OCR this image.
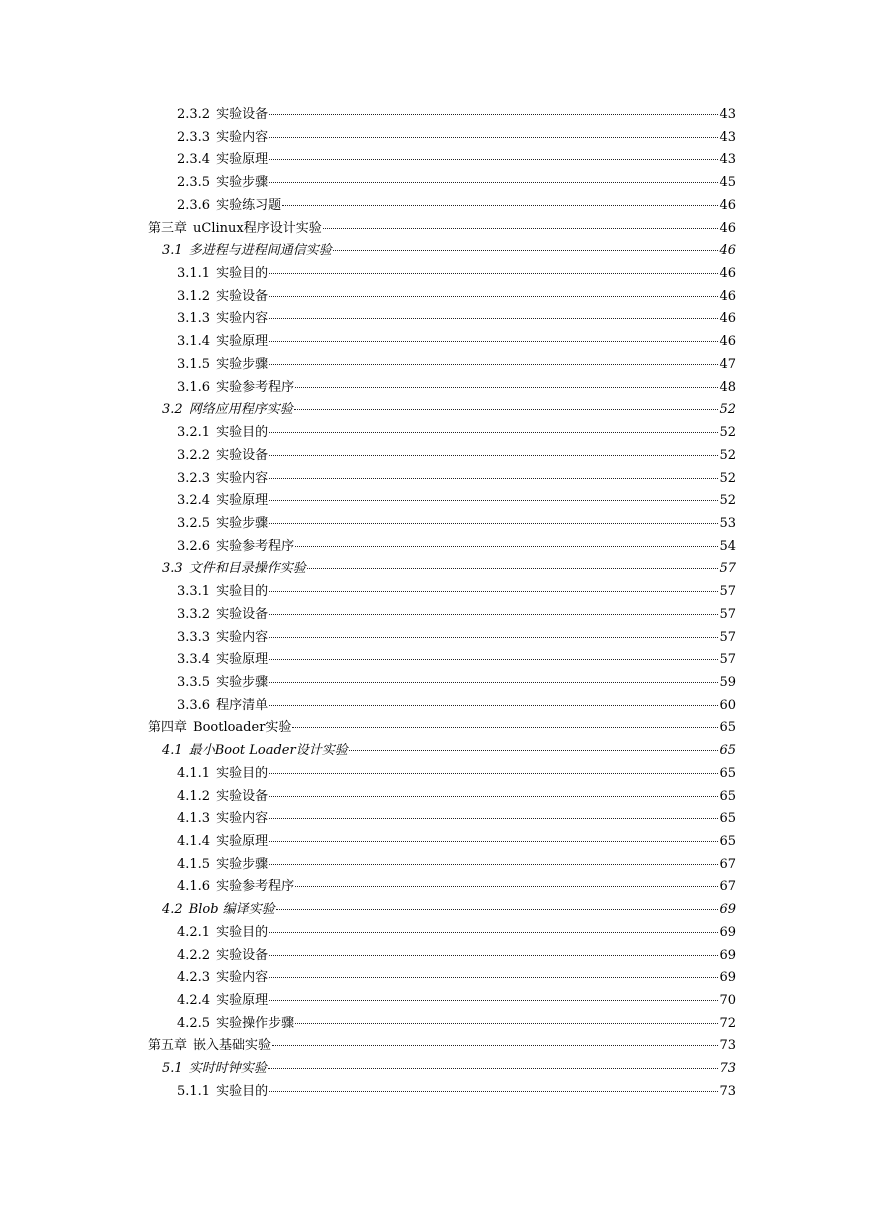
2.3.2 实验设备	43
2.3.3 实验内容	43
2.3.4 实验原理	43
2.3.5 实验步骤	45
2.3.6 实验练习题	46
第三章 uClinux程序设计实验	46
3.1 多进程与进程间通信实验	46
3.1.1 实验目的	46
3.1.2 实验设备	46
3.1.3 实验内容	46
3.1.4 实验原理	46
3.1.5 实验步骤	47
3.1.6 实验参考程序	48
3.2 网络应用程序实验	52
3.2.1 实验目的	52
3.2.2 实验设备	52
3.2.3 实验内容	52
3.2.4 实验原理	52
3.2.5 实验步骤	53
3.2.6 实验参考程序	54
3.3 文件和目录操作实验	57
3.3.1 实验目的	57
3.3.2 实验设备	57
3.3.3 实验内容	57
3.3.4 实验原理	57
3.3.5 实验步骤	59
3.3.6 程序清单	60
第四章 Bootloader实验	65
4.1 最小Boot Loader设计实验	65
4.1.1 实验目的	65
4.1.2 实验设备	65
4.1.3 实验内容	65
4.1.4 实验原理	65
4.1.5 实验步骤	67
4.1.6 实验参考程序	67
4.2 Blob 编译实验	69
4.2.1 实验目的	69
4.2.2 实验设备	69
4.2.3 实验内容	69
4.2.4 实验原理	70
4.2.5 实验操作步骤	72
第五章 嵌入基础实验	73
5.1 实时时钟实验	73
5.1.1 实验目的	73
